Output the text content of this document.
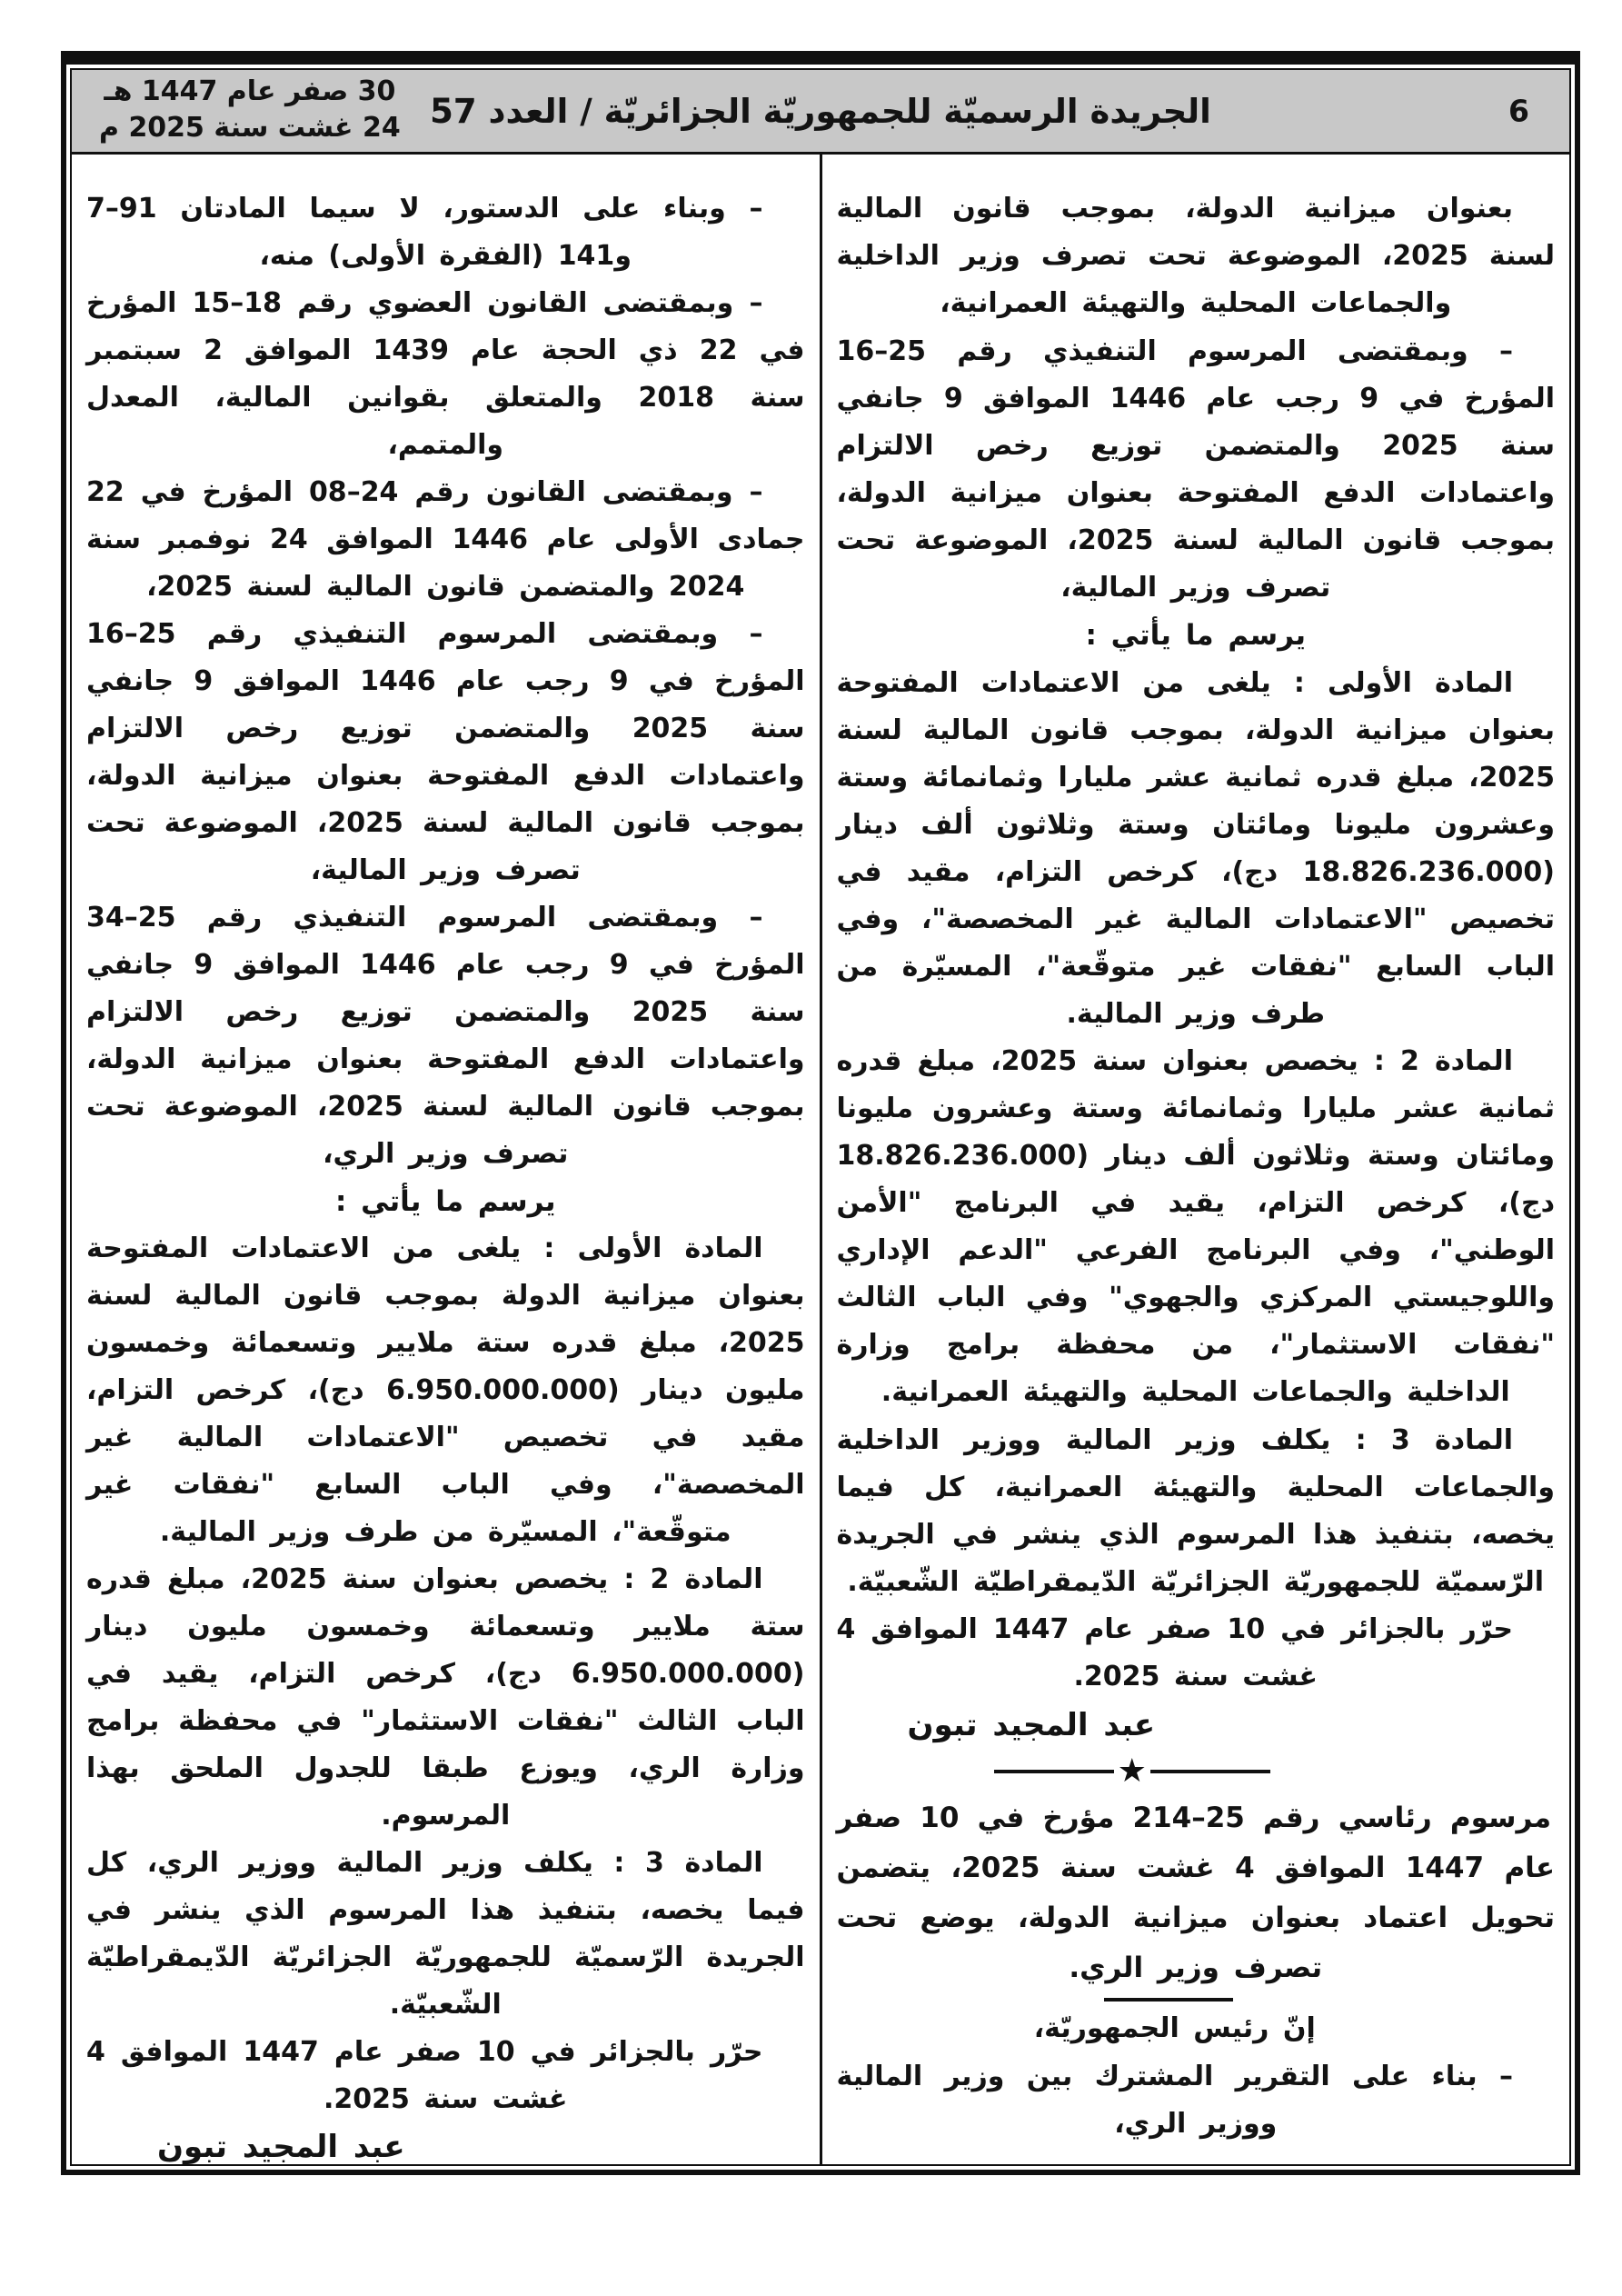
30 صفر عام 1447 هـ
24 غشت سنة 2025 م الجريدة الرسميّة للجمهوريّة الجزائريّة / العدد 57	6

بعنوان ميزانية الدولة، بموجب قانون المالية لسنة 2025، الموضوعة تحت تصرف وزير الداخلية والجماعات المحلية والتهيئة العمرانية،

– وبمقتضى المرسوم التنفيذي رقم 25–16 المؤرخ في 9 رجب عام 1446 الموافق 9 جانفي سنة 2025 والمتضمن توزيع رخص الالتزام واعتمادات الدفع المفتوحة بعنوان ميزانية الدولة، بموجب قانون المالية لسنة 2025، الموضوعة تحت تصرف وزير المالية،

يرسم ما يأتي :

المادة الأولى : يلغى من الاعتمادات المفتوحة بعنوان ميزانية الدولة، بموجب قانون المالية لسنة 2025، مبلغ قدره ثمانية عشر مليارا وثمانمائة وستة وعشرون مليونا ومائتان وستة وثلاثون ألف دينار (18.826.236.000 دج)، كرخص التزام، مقيد في تخصيص "الاعتمادات المالية غير المخصصة"، وفي الباب السابع "نفقات غير متوقّعة"، المسيّرة من طرف وزير المالية.

المادة 2 : يخصص بعنوان سنة 2025، مبلغ قدره ثمانية عشر مليارا وثمانمائة وستة وعشرون مليونا ومائتان وستة وثلاثون ألف دينار (18.826.236.000 دج)، كرخص التزام، يقيد في البرنامج "الأمن الوطني"، وفي البرنامج الفرعي "الدعم الإداري واللوجيستي المركزي والجهوي" وفي الباب الثالث "نفقات الاستثمار"، من محفظة برامج وزارة الداخلية والجماعات المحلية والتهيئة العمرانية.

المادة 3 : يكلف وزير المالية ووزير الداخلية والجماعات المحلية والتهيئة العمرانية، كل فيما يخصه، بتنفيذ هذا المرسوم الذي ينشر في الجريدة الرّسميّة للجمهوريّة الجزائريّة الدّيمقراطيّة الشّعبيّة.

حرّر بالجزائر في 10 صفر عام 1447 الموافق 4 غشت سنة 2025.

عبد المجيد تبون

★

مرسوم رئاسي رقم 25–214 مؤرخ في 10 صفر عام 1447 الموافق 4 غشت سنة 2025، يتضمن تحويل اعتماد بعنوان ميزانية الدولة، يوضع تحت تصرف وزير الري.

إنّ رئيس الجمهوريّة،

– بناء على التقرير المشترك بين وزير المالية ووزير الري،

– وبناء على الدستور، لا سيما المادتان 91–7 و141 (الفقرة الأولى) منه،

– وبمقتضى القانون العضوي رقم 18–15 المؤرخ في 22 ذي الحجة عام 1439 الموافق 2 سبتمبر سنة 2018 والمتعلق بقوانين المالية، المعدل والمتمم،

– وبمقتضى القانون رقم 24–08 المؤرخ في 22 جمادى الأولى عام 1446 الموافق 24 نوفمبر سنة 2024 والمتضمن قانون المالية لسنة 2025،

– وبمقتضى المرسوم التنفيذي رقم 25–16 المؤرخ في 9 رجب عام 1446 الموافق 9 جانفي سنة 2025 والمتضمن توزيع رخص الالتزام واعتمادات الدفع المفتوحة بعنوان ميزانية الدولة، بموجب قانون المالية لسنة 2025، الموضوعة تحت تصرف وزير المالية،

– وبمقتضى المرسوم التنفيذي رقم 25–34 المؤرخ في 9 رجب عام 1446 الموافق 9 جانفي سنة 2025 والمتضمن توزيع رخص الالتزام واعتمادات الدفع المفتوحة بعنوان ميزانية الدولة، بموجب قانون المالية لسنة 2025، الموضوعة تحت تصرف وزير الري،

يرسم ما يأتي :

المادة الأولى : يلغى من الاعتمادات المفتوحة بعنوان ميزانية الدولة بموجب قانون المالية لسنة 2025، مبلغ قدره ستة ملايير وتسعمائة وخمسون مليون دينار (6.950.000.000 دج)، كرخص التزام، مقيد في تخصيص "الاعتمادات المالية غير المخصصة"، وفي الباب السابع "نفقات غير متوقّعة"، المسيّرة من طرف وزير المالية.

المادة 2 : يخصص بعنوان سنة 2025، مبلغ قدره ستة ملايير وتسعمائة وخمسون مليون دينار (6.950.000.000 دج)، كرخص التزام، يقيد في الباب الثالث "نفقات الاستثمار" في محفظة برامج وزارة الري، ويوزع طبقا للجدول الملحق بهذا المرسوم.

المادة 3 : يكلف وزير المالية ووزير الري، كل فيما يخصه، بتنفيذ هذا المرسوم الذي ينشر في الجريدة الرّسميّة للجمهوريّة الجزائريّة الدّيمقراطيّة الشّعبيّة.

حرّر بالجزائر في 10 صفر عام 1447 الموافق 4 غشت سنة 2025.

عبد المجيد تبون
